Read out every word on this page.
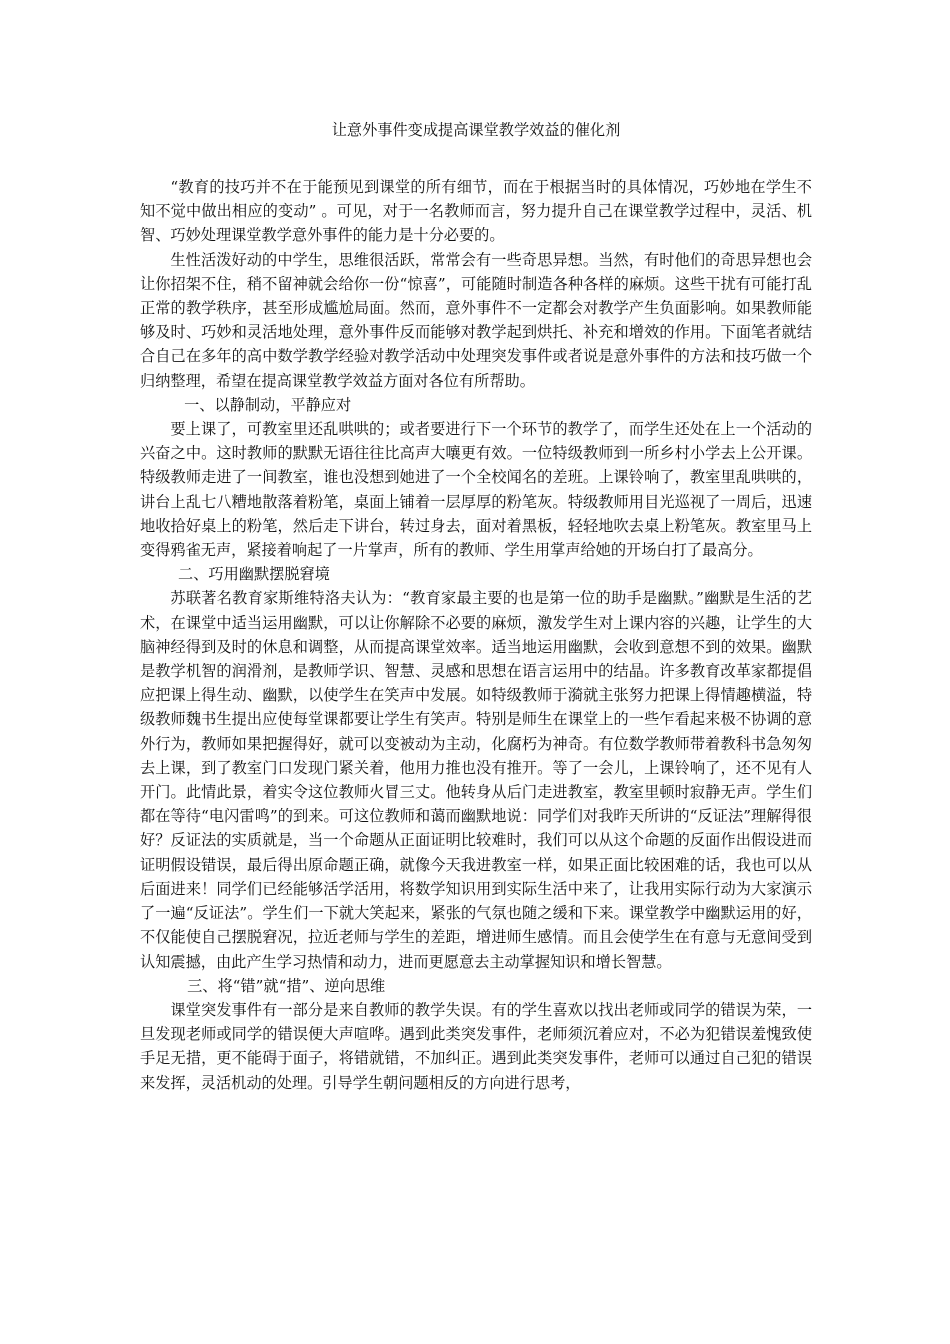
让意外事件变成提高课堂教学效益的催化剂

“教育的技巧并不在于能预见到课堂的所有细节，而在于根据当时的具体情况，巧妙地在学生不知不觉中做出相应的变动” 。可见，对于一名教师而言，努力提升自己在课堂教学过程中，灵活、机智、巧妙处理课堂教学意外事件的能力是十分必要的。

生性活泼好动的中学生，思维很活跃，常常会有一些奇思异想。当然，有时他们的奇思异想也会让你招架不住，稍不留神就会给你一份“惊喜”，可能随时制造各种各样的麻烦。这些干扰有可能打乱正常的教学秩序，甚至形成尴尬局面。然而，意外事件不一定都会对教学产生负面影响。如果教师能够及时、巧妙和灵活地处理，意外事件反而能够对教学起到烘托、补充和增效的作用。下面笔者就结合自己在多年的高中数学教学经验对教学活动中处理突发事件或者说是意外事件的方法和技巧做一个归纳整理，希望在提高课堂教学效益方面对各位有所帮助。

一、以静制动，平静应对

要上课了，可教室里还乱哄哄的；或者要进行下一个环节的教学了，而学生还处在上一个活动的兴奋之中。这时教师的默默无语往往比高声大嚷更有效。一位特级教师到一所乡村小学去上公开课。特级教师走进了一间教室，谁也没想到她进了一个全校闻名的差班。上课铃响了，教室里乱哄哄的，讲台上乱七八糟地散落着粉笔，桌面上铺着一层厚厚的粉笔灰。特级教师用目光巡视了一周后，迅速地收拾好桌上的粉笔，然后走下讲台，转过身去，面对着黑板，轻轻地吹去桌上粉笔灰。教室里马上变得鸦雀无声，紧接着响起了一片掌声，所有的教师、学生用掌声给她的开场白打了最高分。

二、巧用幽默摆脱窘境

苏联著名教育家斯维特洛夫认为：“教育家最主要的也是第一位的助手是幽默。”幽默是生活的艺术，在课堂中适当运用幽默，可以让你解除不必要的麻烦，激发学生对上课内容的兴趣，让学生的大脑神经得到及时的休息和调整，从而提高课堂效率。适当地运用幽默，会收到意想不到的效果。幽默是教学机智的润滑剂，是教师学识、智慧、灵感和思想在语言运用中的结晶。许多教育改革家都提倡应把课上得生动、幽默，以使学生在笑声中发展。如特级教师于漪就主张努力把课上得情趣横溢，特级教师魏书生提出应使每堂课都要让学生有笑声。特别是师生在课堂上的一些乍看起来极不协调的意外行为，教师如果把握得好，就可以变被动为主动，化腐朽为神奇。有位数学教师带着教科书急匆匆去上课，到了教室门口发现门紧关着，他用力推也没有推开。等了一会儿，上课铃响了，还不见有人开门。此情此景，着实令这位教师火冒三丈。他转身从后门走进教室，教室里顿时寂静无声。学生们都在等待“电闪雷鸣”的到来。可这位教师和蔼而幽默地说：同学们对我昨天所讲的“反证法”理解得很好？反证法的实质就是，当一个命题从正面证明比较难时，我们可以从这个命题的反面作出假设进而证明假设错误，最后得出原命题正确，就像今天我进教室一样，如果正面比较困难的话，我也可以从后面进来！同学们已经能够活学活用，将数学知识用到实际生活中来了，让我用实际行动为大家演示了一遍“反证法”。学生们一下就大笑起来，紧张的气氛也随之缓和下来。课堂教学中幽默运用的好，不仅能使自己摆脱窘况，拉近老师与学生的差距，增进师生感情。而且会使学生在有意与无意间受到认知震撼，由此产生学习热情和动力，进而更愿意去主动掌握知识和增长智慧。

三、将“错”就“措”、逆向思维

课堂突发事件有一部分是来自教师的教学失误。有的学生喜欢以找出老师或同学的错误为荣，一旦发现老师或同学的错误便大声喧哗。遇到此类突发事件，老师须沉着应对，不必为犯错误羞愧致使手足无措，更不能碍于面子，将错就错，不加纠正。遇到此类突发事件，老师可以通过自己犯的错误来发挥，灵活机动的处理。引导学生朝问题相反的方向进行思考，
